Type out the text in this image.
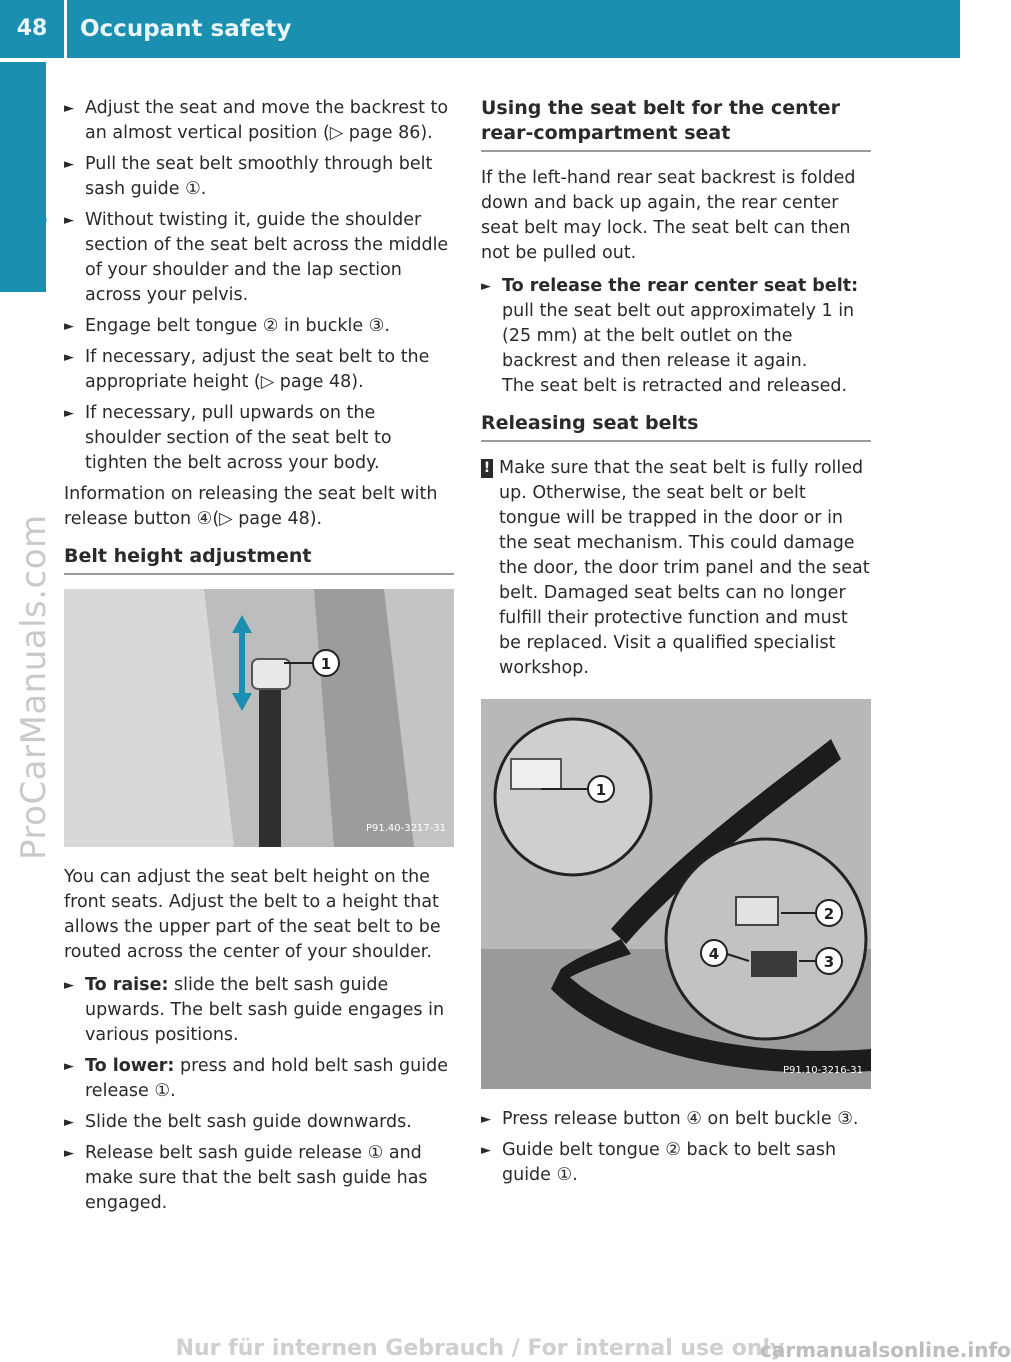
48	Occupant safety
Safety
ProCarManuals.com
► Adjust the seat and move the backrest to an almost vertical position (▷ page 86).
► Pull the seat belt smoothly through belt sash guide ①.
► Without twisting it, guide the shoulder section of the seat belt across the middle of your shoulder and the lap section across your pelvis.
► Engage belt tongue ② in buckle ③.
► If necessary, adjust the seat belt to the appropriate height (▷ page 48).
► If necessary, pull upwards on the shoulder section of the seat belt to tighten the belt across your body.

Information on releasing the seat belt with release button ④(▷ page 48).

Belt height adjustment
1
P91.40-3217-31

You can adjust the seat belt height on the front seats. Adjust the belt to a height that allows the upper part of the seat belt to be routed across the center of your shoulder.

► To raise: slide the belt sash guide upwards. The belt sash guide engages in various positions.
► To lower: press and hold belt sash guide release ①.
► Slide the belt sash guide downwards.
► Release belt sash guide release ① and make sure that the belt sash guide has engaged.
Using the seat belt for the center rear-compartment seat

If the left-hand rear seat backrest is folded down and back up again, the rear center seat belt may lock. The seat belt can then not be pulled out.

► To release the rear center seat belt: pull the seat belt out approximately 1 in (25 mm) at the belt outlet on the backrest and then release it again.
The seat belt is retracted and released.
Releasing seat belts
! Make sure that the seat belt is fully rolled up. Otherwise, the seat belt or belt tongue will be trapped in the door or in the seat mechanism. This could damage the door, the door trim panel and the seat belt. Damaged seat belts can no longer fulfill their protective function and must be replaced. Visit a qualified specialist workshop.
1
2
3
4
P91.10-3216-31
► Press release button ④ on belt buckle ③.
► Guide belt tongue ② back to belt sash guide ①.
Nur für internen Gebrauch / For internal use only
carmanualsonline.info
